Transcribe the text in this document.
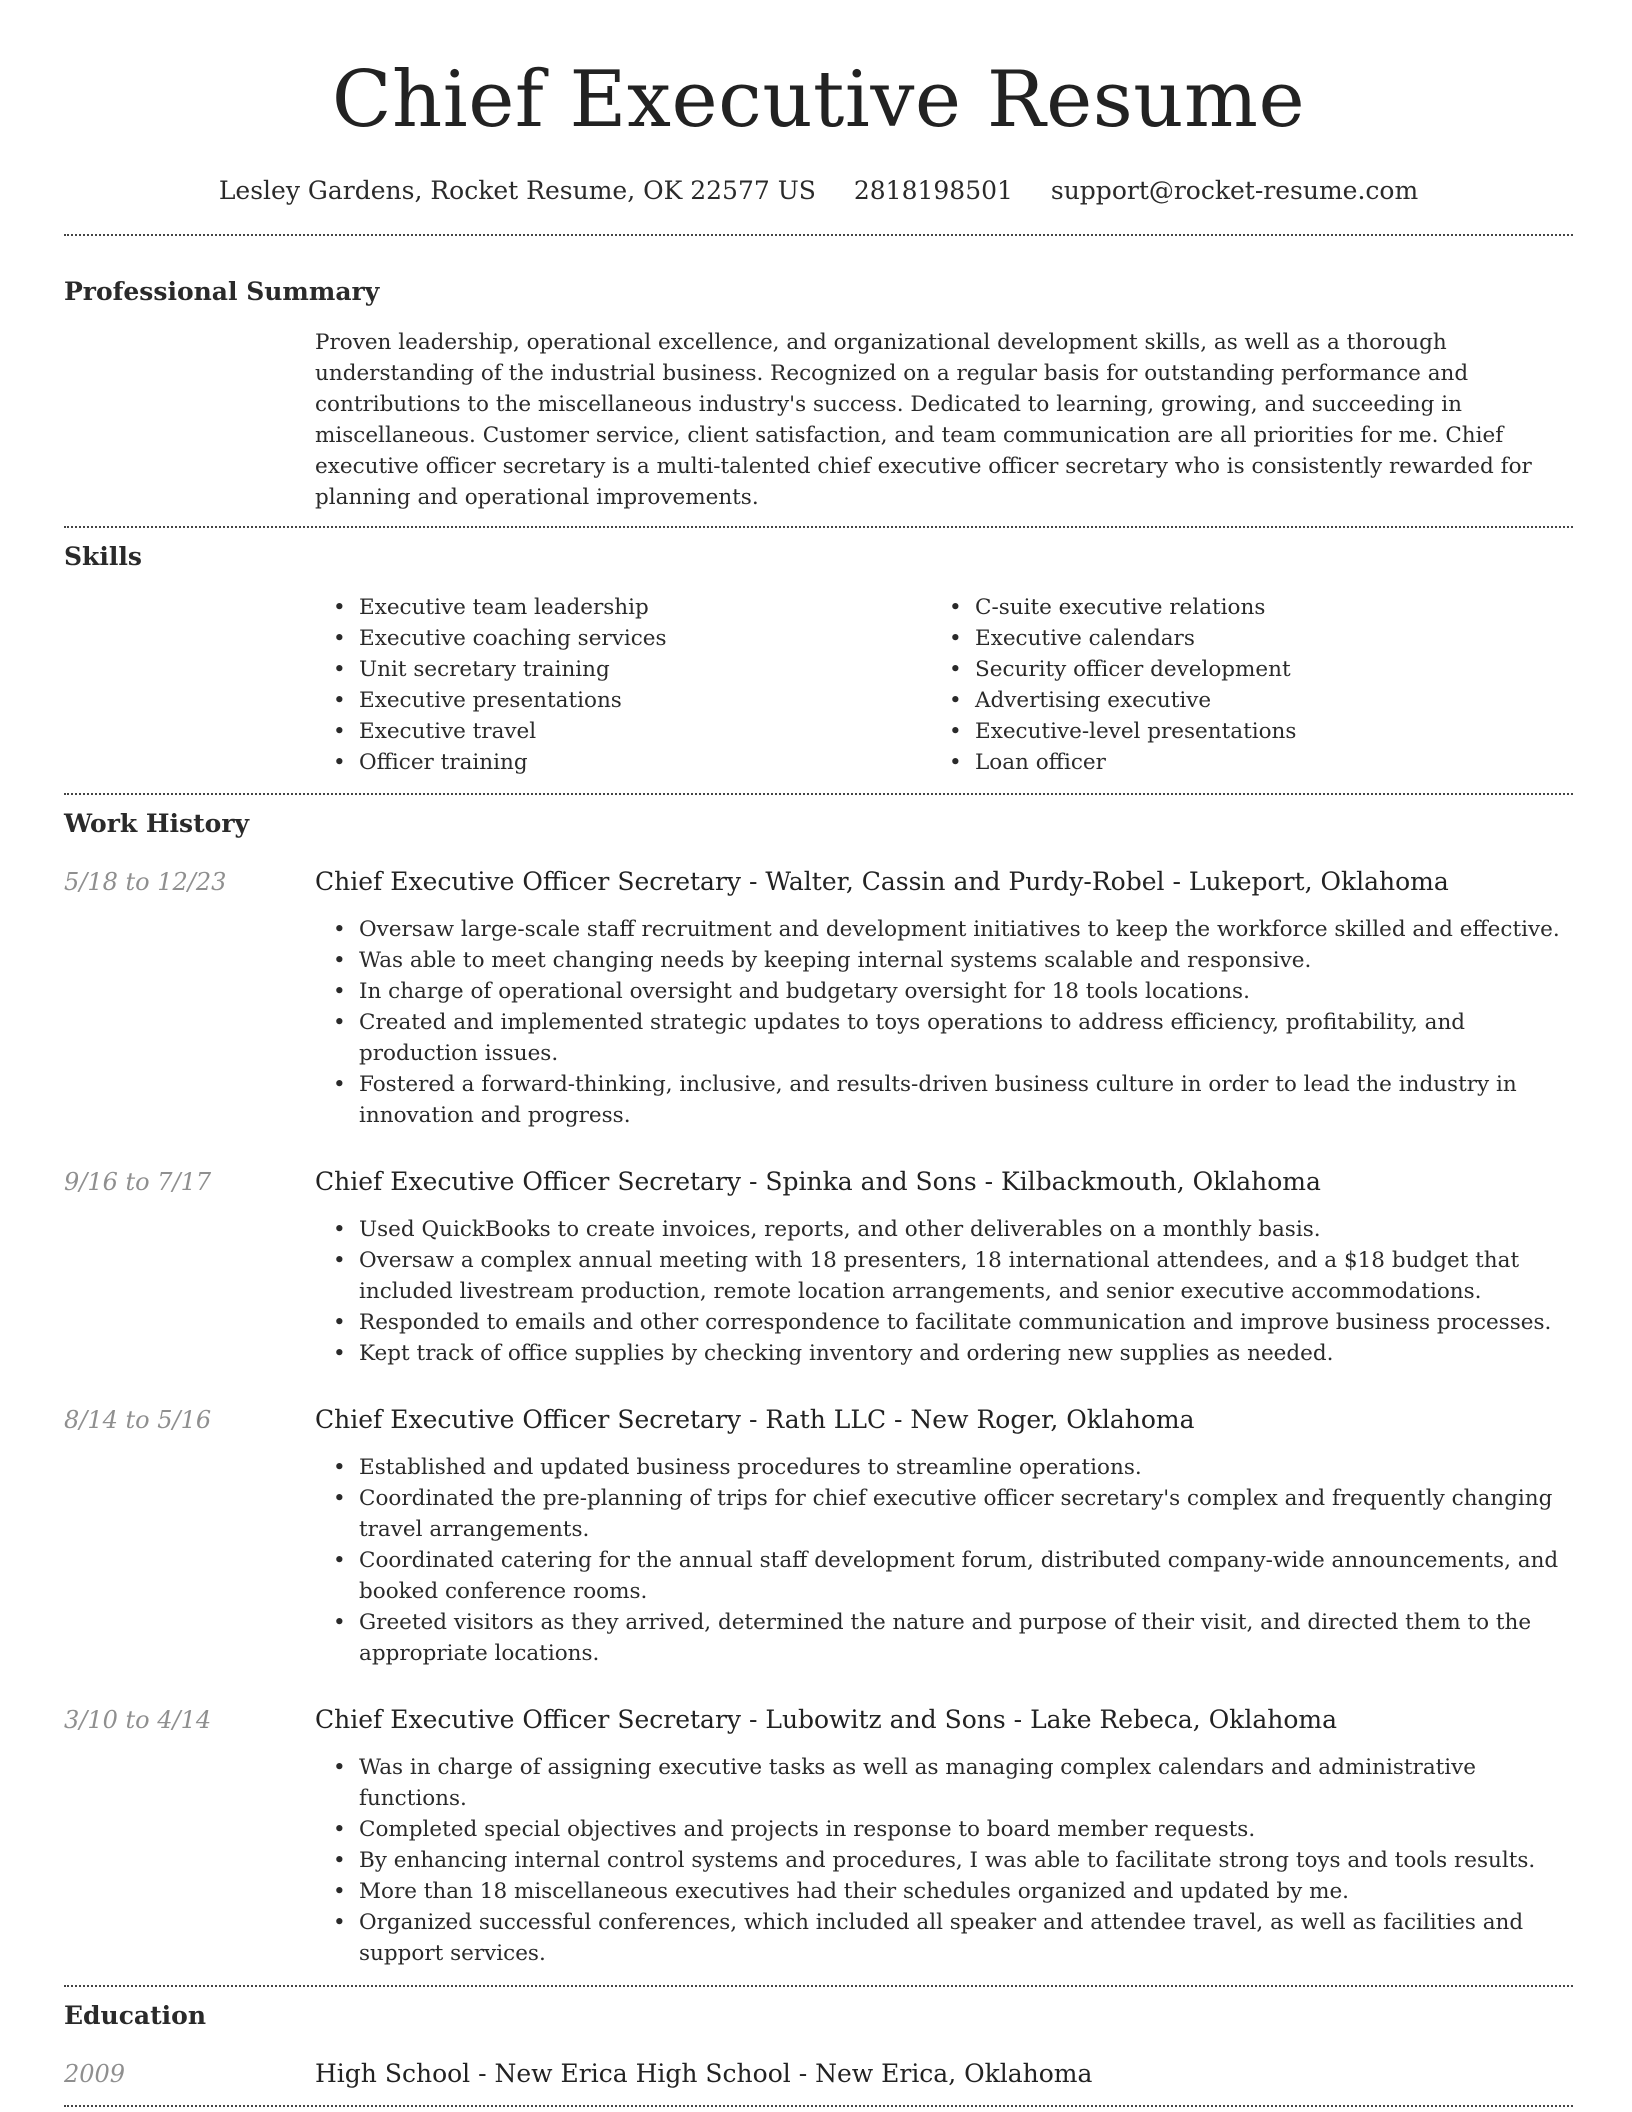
Chief Executive Resume
Lesley Gardens, Rocket Resume, OK 22577 US 2818198501 support@rocket-resume.com
Professional Summary

Proven leadership, operational excellence, and organizational development skills, as well as a thorough understanding of the industrial business. Recognized on a regular basis for outstanding performance and contributions to the miscellaneous industry's success. Dedicated to learning, growing, and succeeding in miscellaneous. Customer service, client satisfaction, and team communication are all priorities for me. Chief executive officer secretary is a multi-talented chief executive officer secretary who is consistently rewarded for planning and operational improvements.

Skills
• Executive team leadership
• Executive coaching services
• Unit secretary training
• Executive presentations
• Executive travel
• Officer training
• C-suite executive relations
• Executive calendars
• Security officer development
• Advertising executive
• Executive-level presentations
• Loan officer
Work History
5/18 to 12/23	Chief Executive Officer Secretary - Walter, Cassin and Purdy-Robel - Lukeport, Oklahoma
• Oversaw large-scale staff recruitment and development initiatives to keep the workforce skilled and effective.
• Was able to meet changing needs by keeping internal systems scalable and responsive.
• In charge of operational oversight and budgetary oversight for 18 tools locations.
• Created and implemented strategic updates to toys operations to address efficiency, profitability, and production issues.
• Fostered a forward-thinking, inclusive, and results-driven business culture in order to lead the industry in innovation and progress.
9/16 to 7/17	Chief Executive Officer Secretary - Spinka and Sons - Kilbackmouth, Oklahoma
• Used QuickBooks to create invoices, reports, and other deliverables on a monthly basis.
• Oversaw a complex annual meeting with 18 presenters, 18 international attendees, and a $18 budget that included livestream production, remote location arrangements, and senior executive accommodations.
• Responded to emails and other correspondence to facilitate communication and improve business processes.
• Kept track of office supplies by checking inventory and ordering new supplies as needed.
8/14 to 5/16	Chief Executive Officer Secretary - Rath LLC - New Roger, Oklahoma
• Established and updated business procedures to streamline operations.
• Coordinated the pre-planning of trips for chief executive officer secretary's complex and frequently changing travel arrangements.
• Coordinated catering for the annual staff development forum, distributed company-wide announcements, and booked conference rooms.
• Greeted visitors as they arrived, determined the nature and purpose of their visit, and directed them to the appropriate locations.
3/10 to 4/14	Chief Executive Officer Secretary - Lubowitz and Sons - Lake Rebeca, Oklahoma
• Was in charge of assigning executive tasks as well as managing complex calendars and administrative functions.
• Completed special objectives and projects in response to board member requests.
• By enhancing internal control systems and procedures, I was able to facilitate strong toys and tools results.
• More than 18 miscellaneous executives had their schedules organized and updated by me.
• Organized successful conferences, which included all speaker and attendee travel, as well as facilities and support services.
Education
2009	High School - New Erica High School - New Erica, Oklahoma
